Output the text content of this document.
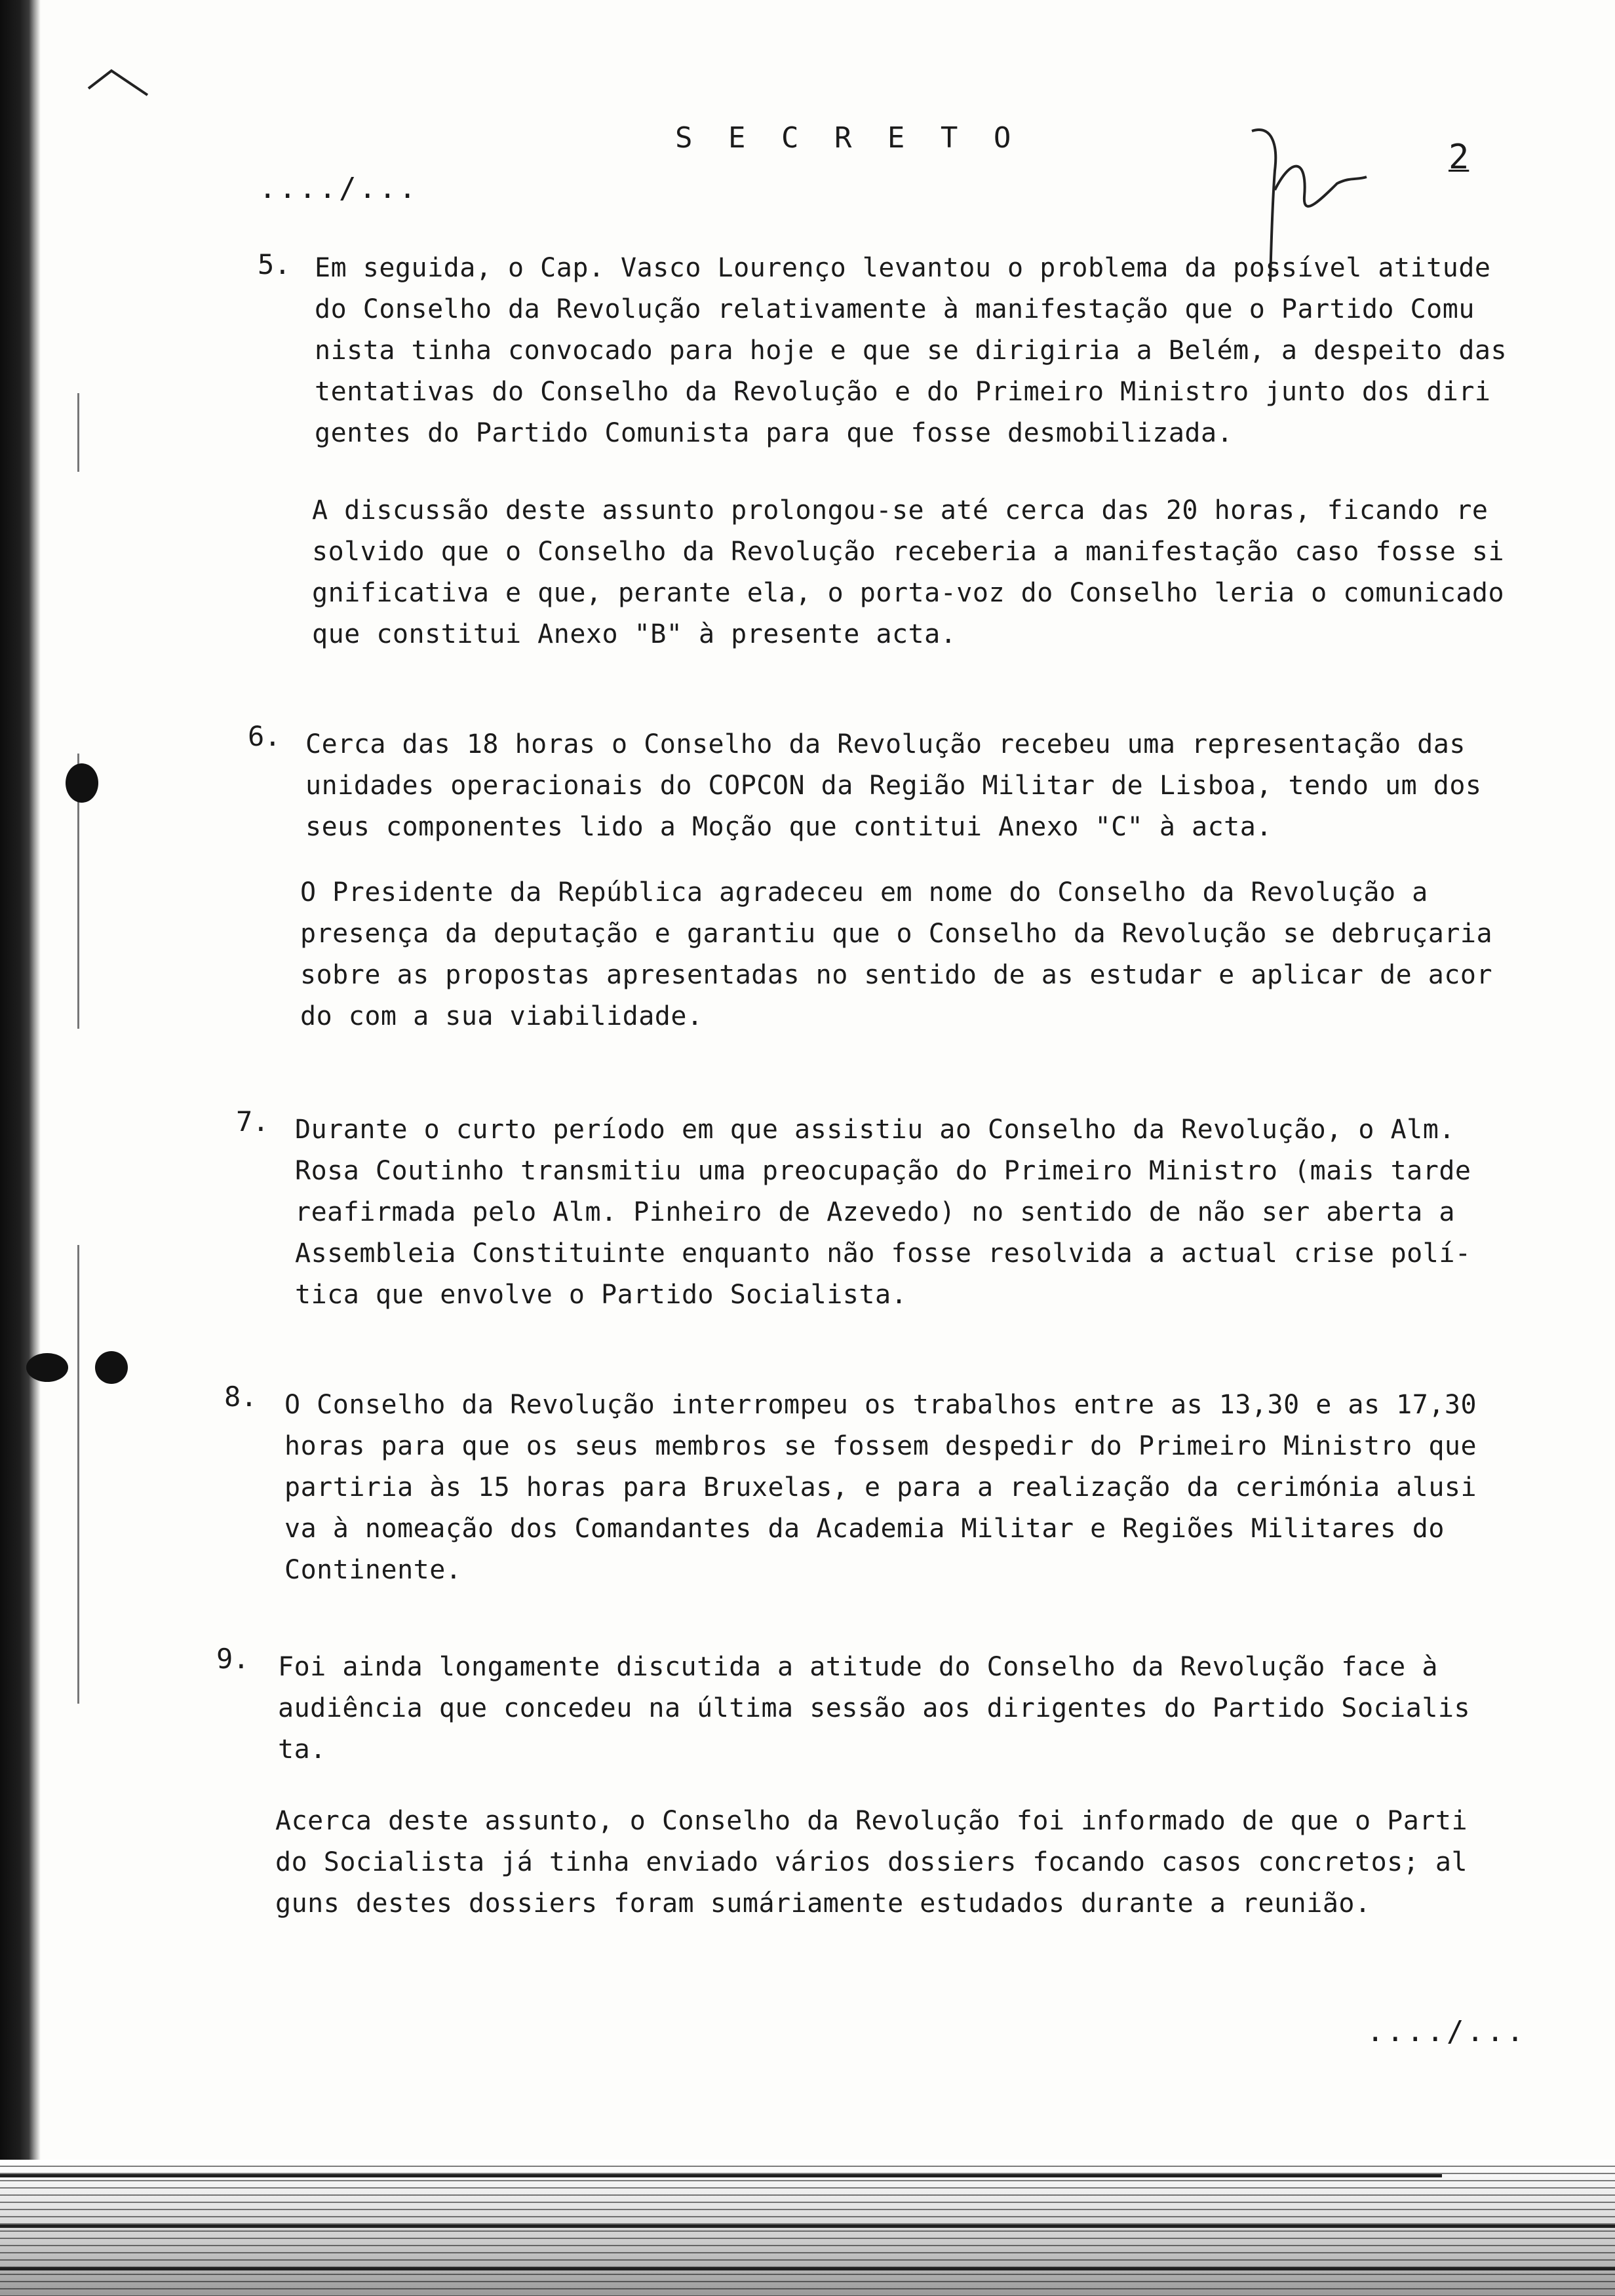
S E C R E T O	2
..../...
5. Em seguida, o Cap. Vasco Lourenço levantou o problema da possível atitude
do Conselho da Revolução relativamente à manifestação que o Partido Comu
nista tinha convocado para hoje e que se dirigiria a Belém, a despeito das
tentativas do Conselho da Revolução e do Primeiro Ministro junto dos diri
gentes do Partido Comunista para que fosse desmobilizada.
A discussão deste assunto prolongou-se até cerca das 20 horas, ficando re
solvido que o Conselho da Revolução receberia a manifestação caso fosse si
gnificativa e que, perante ela, o porta-voz do Conselho leria o comunicado
que constitui Anexo "B" à presente acta.
6. Cerca das 18 horas o Conselho da Revolução recebeu uma representação das
unidades operacionais do COPCON da Região Militar de Lisboa, tendo um dos
seus componentes lido a Moção que contitui Anexo "C" à acta.
O Presidente da República agradeceu em nome do Conselho da Revolução a
presença da deputação e garantiu que o Conselho da Revolução se debruçaria
sobre as propostas apresentadas no sentido de as estudar e aplicar de acor
do com a sua viabilidade.
7. Durante o curto período em que assistiu ao Conselho da Revolução, o Alm.
Rosa Coutinho transmitiu uma preocupação do Primeiro Ministro (mais tarde
reafirmada pelo Alm. Pinheiro de Azevedo) no sentido de não ser aberta a
Assembleia Constituinte enquanto não fosse resolvida a actual crise polí-
tica que envolve o Partido Socialista.
8. O Conselho da Revolução interrompeu os trabalhos entre as 13,30 e as 17,30
horas para que os seus membros se fossem despedir do Primeiro Ministro que
partiria às 15 horas para Bruxelas, e para a realização da cerimónia alusi
va à nomeação dos Comandantes da Academia Militar e Regiões Militares do
Continente.
9. Foi ainda longamente discutida a atitude do Conselho da Revolução face à
audiência que concedeu na última sessão aos dirigentes do Partido Socialis
ta.
Acerca deste assunto, o Conselho da Revolução foi informado de que o Parti
do Socialista já tinha enviado vários dossiers focando casos concretos; al
guns destes dossiers foram sumáriamente estudados durante a reunião.
..../...
